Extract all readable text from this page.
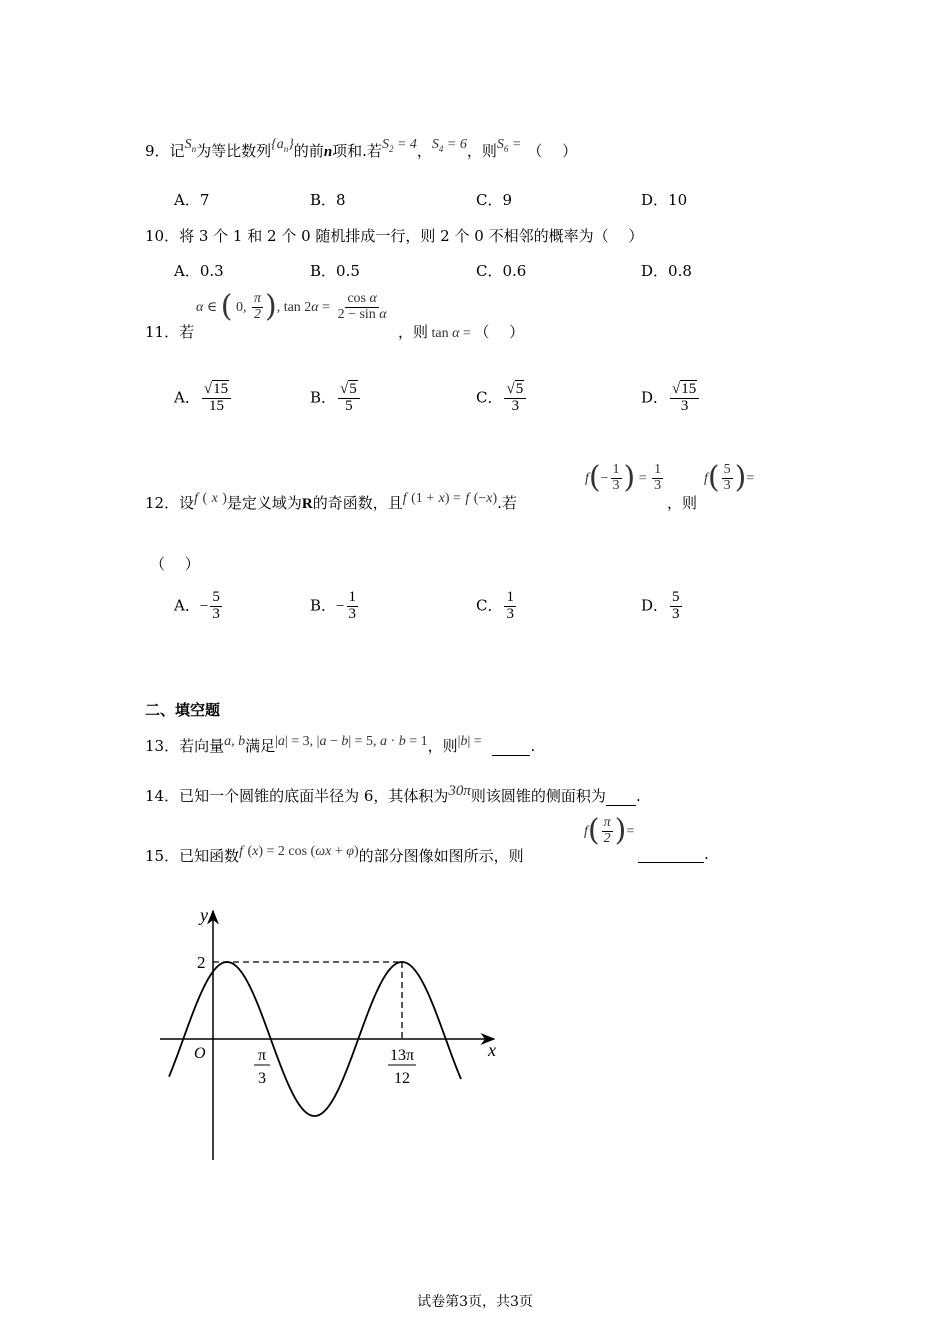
9．记$S_n$为等比数列$\{a_n\}$的前n项和.若$S_2 = 4$，$S_4 = 6$，则$S_6$ = （　 ）
A．7	B．8	C．9	D．10
10．将 3 个 1 和 2 个 0 随机排成一行，则 2 个 0 不相邻的概率为（　 ）
A．0.3	B．0.5	C．0.6	D．0.8
11．若
α ∈ ( 0, $\frac{\pi}{2}$ ), $\tan 2\alpha = \frac{\text{cos α}}{\text{2 − sin α}}$
，则 tan α = （　 ）
A． $\frac{√15}{15}$	B． $\frac{√5}{5}$	C． $\frac{√5}{3}$	D． $\frac{√15}{3}$
12．设f ( x )是定义域为R的奇函数，且f (1 + x) = f (−x).若
$f(- \frac{1}{3}$ ) = $\frac{1}{3}$
，则
$f( \frac{5}{3}$ )=
（　 ）
A．− $\frac{5}{3}$	B．− $\frac{1}{3}$	C． $\frac{1}{3}$	D． $\frac{5}{3}$
二、填空题
13．若向量a, b满足|a| = 3, |a − b| = 5, a · b = 1，则|b| =	.
14．已知一个圆锥的底面半径为 6，其体积为30π则该圆锥的侧面积为 .
15．已知函数f (x) = 2 cos (ωx + φ)的部分图像如图所示，则
$f( \frac{\pi}{2}$ )=
.
y
x
O
2
π
3
13π
12
试卷第3页，共3页
